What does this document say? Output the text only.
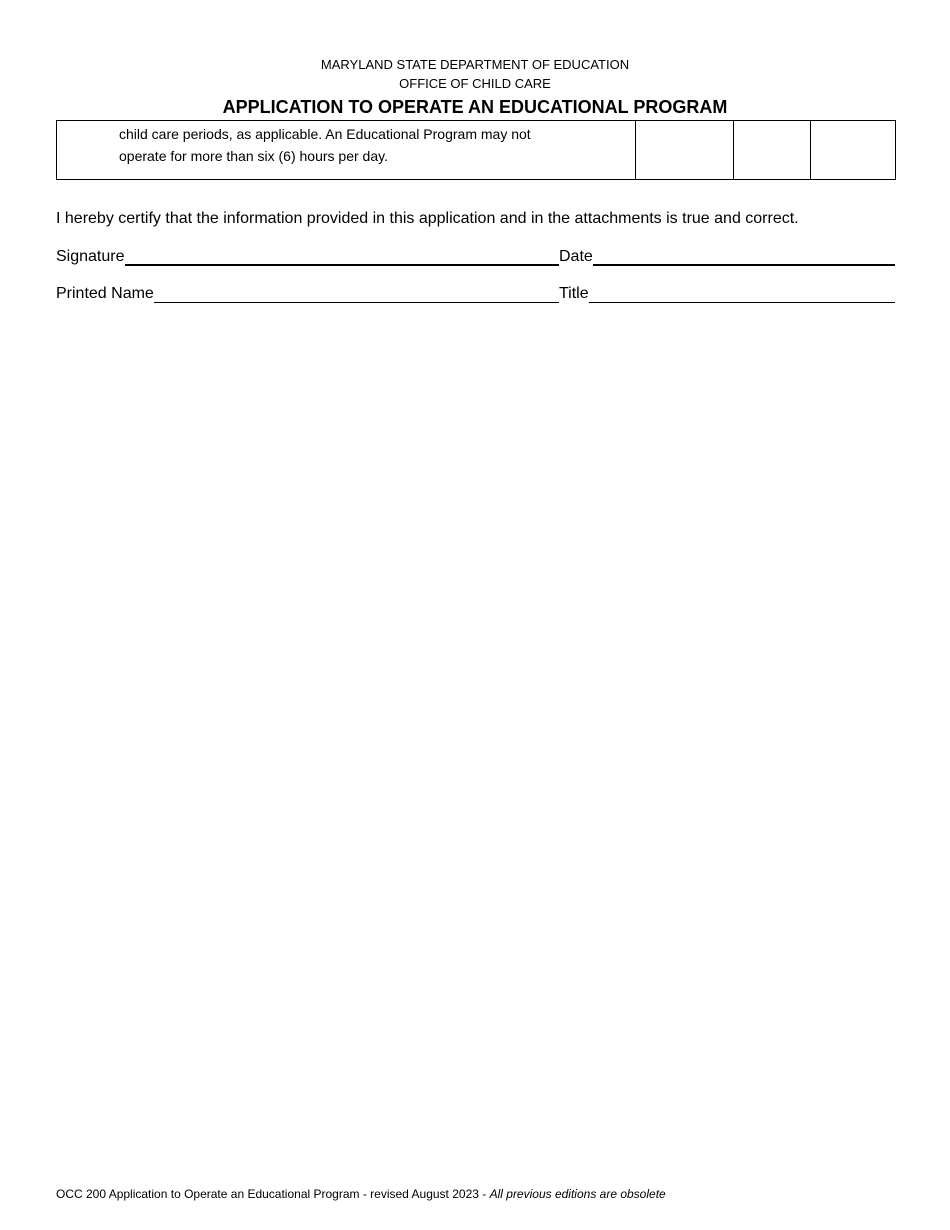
MARYLAND STATE DEPARTMENT OF EDUCATION
OFFICE OF CHILD CARE
APPLICATION TO OPERATE AN EDUCATIONAL PROGRAM
child care periods, as applicable. An Educational Program may not
operate for more than six (6) hours per day.

I hereby certify that the information provided in this application and in the attachments is true and correct.
Signature	Date
Printed Name	Title
OCC 200 Application to Operate an Educational Program - revised August 2023 - All previous editions are obsolete
